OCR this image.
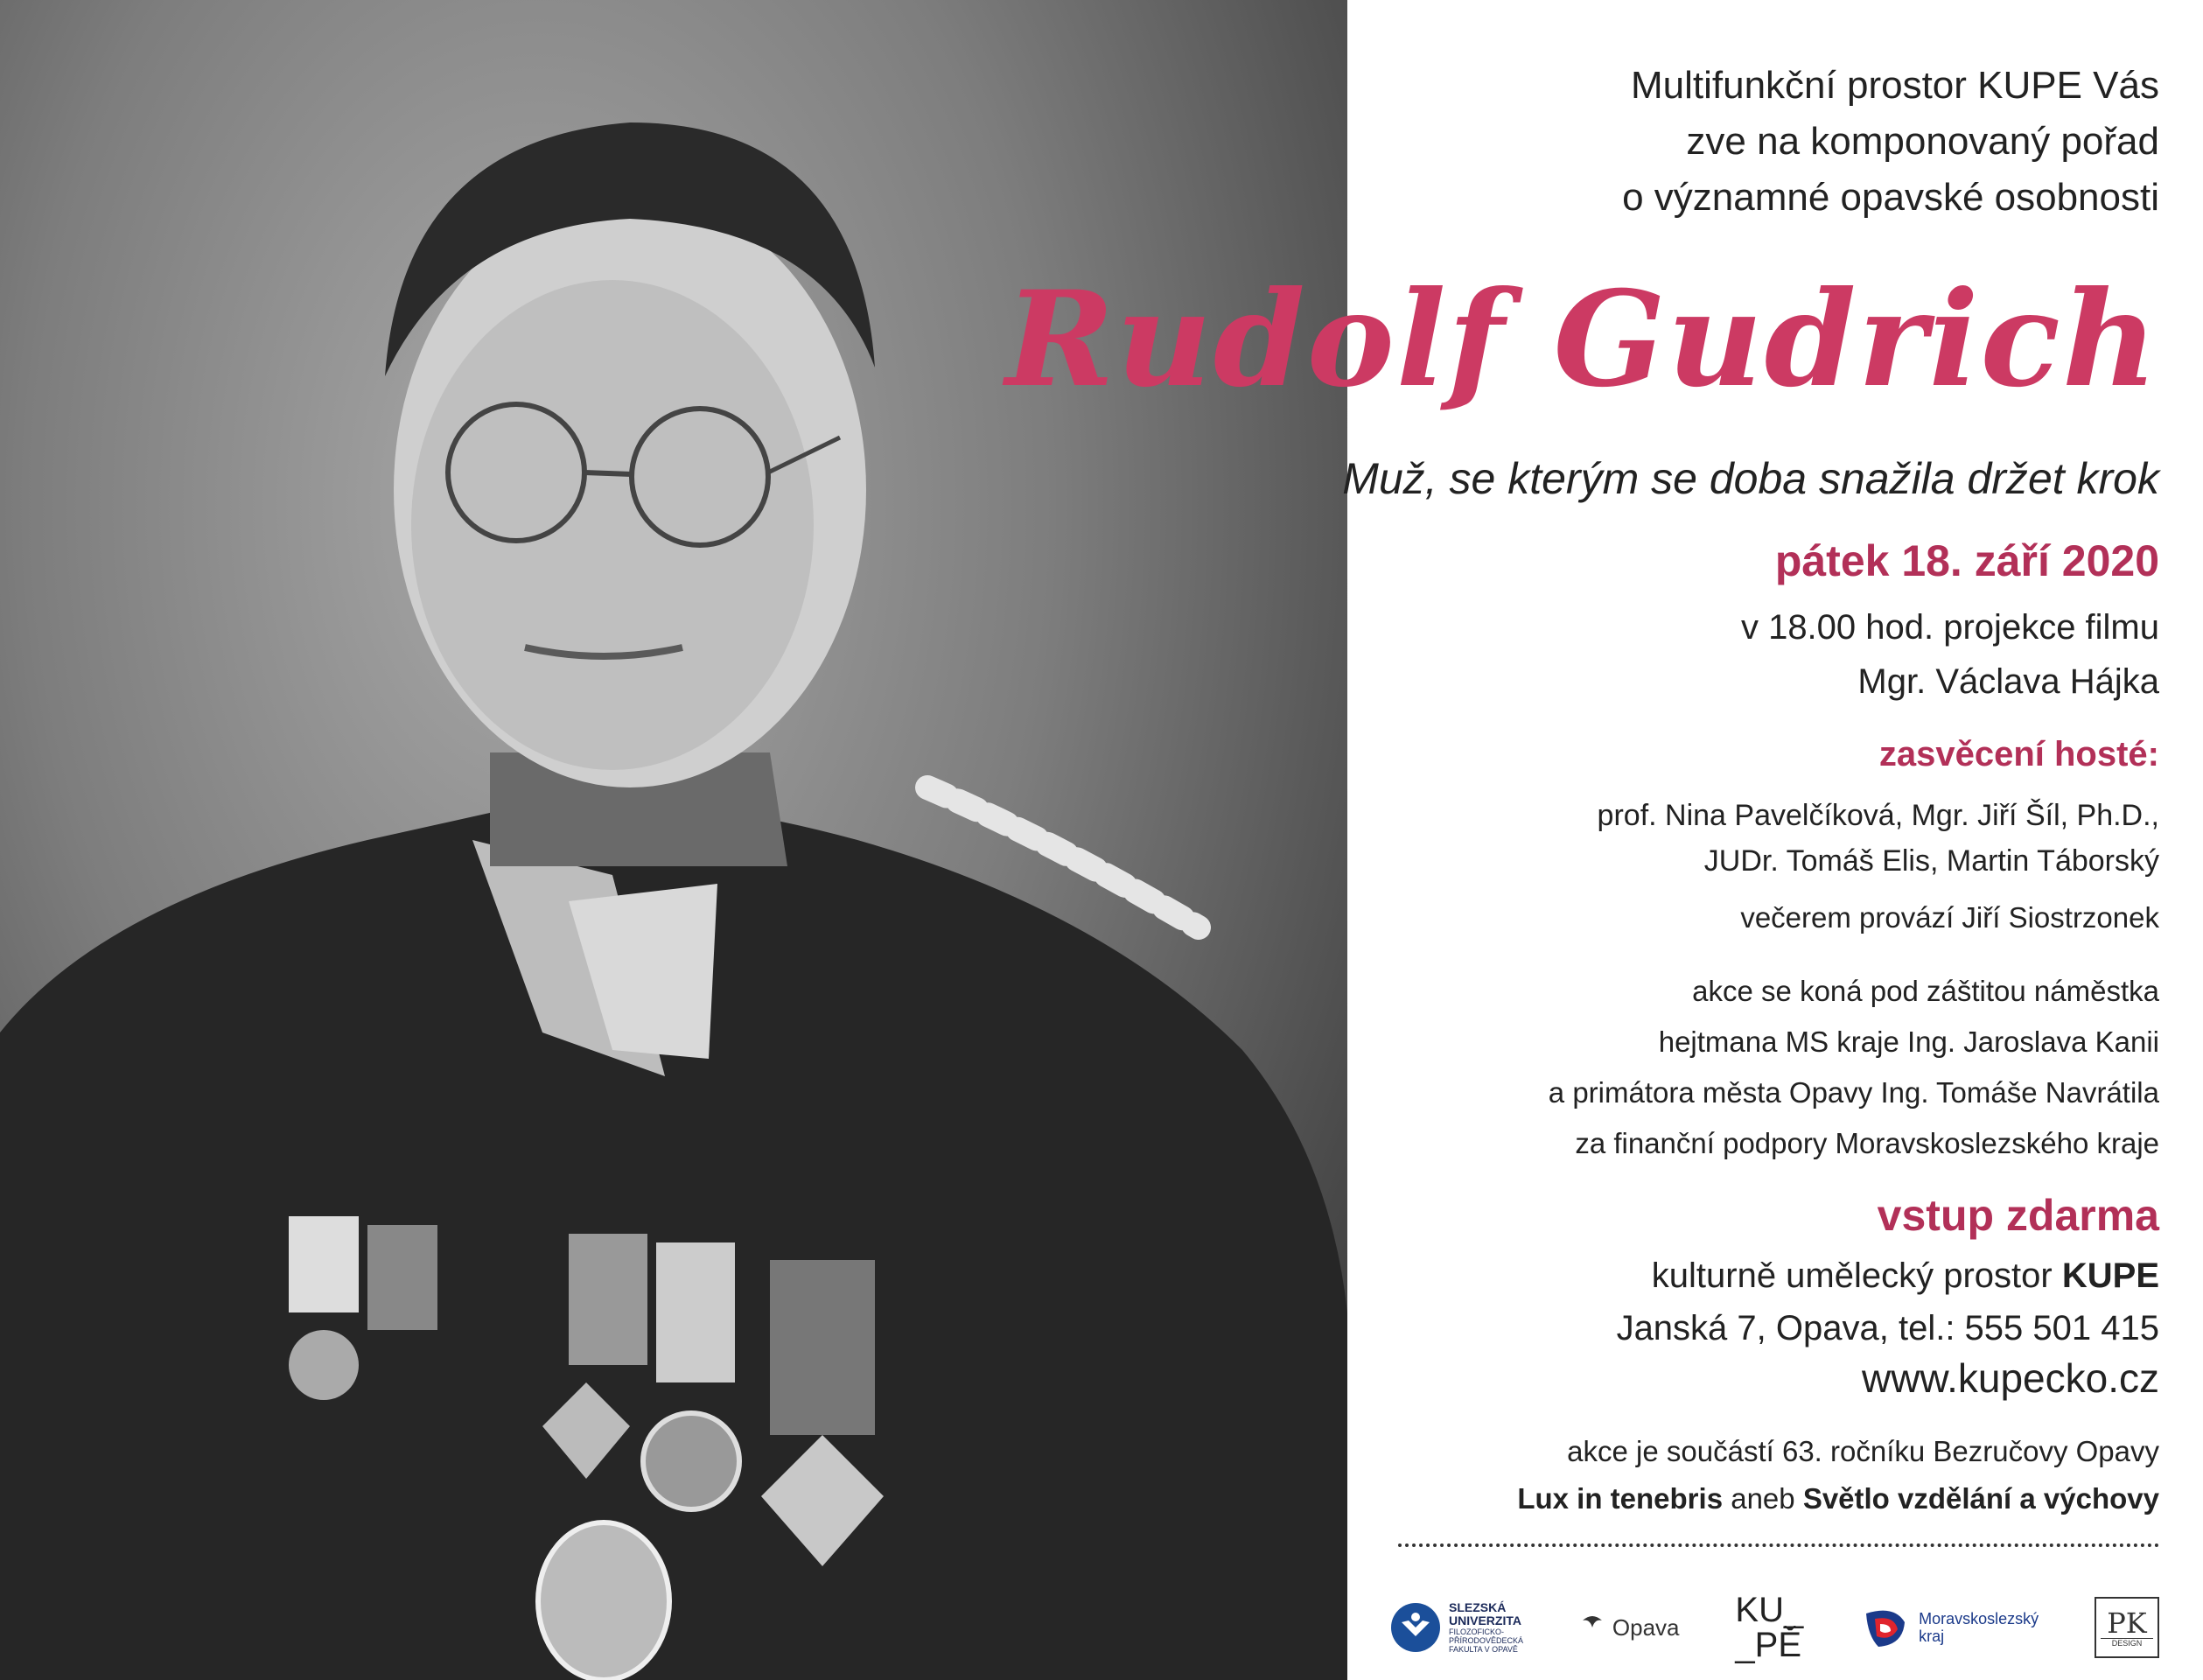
Multifunkční prostor KUPE Vás
zve na komponovaný pořad
o významné opavské osobnosti
Rudolf Gudrich
Muž, se kterým se doba snažila držet krok
pátek 18. září 2020
v 18.00 hod. projekce filmu
Mgr. Václava Hájka
zasvěcení hosté:
prof. Nina Pavelčíková, Mgr. Jiří Šíl, Ph.D.,
JUDr. Tomáš Elis, Martin Táborský
večerem provází Jiří Siostrzonek
akce se koná pod záštitou náměstka
hejtmana MS kraje Ing. Jaroslava Kanii
a primátora města Opavy Ing. Tomáše Navrátila
za finanční podpory Moravskoslezského kraje
vstup zdarma
kulturně umělecký prostor KUPE
Janská 7, Opava, tel.: 555 501 415
www.kupecko.cz
akce je součástí 63. ročníku Bezručovy Opavy
Lux in tenebris aneb Světlo vzdělání a výchovy
SLEZSKÁ
UNIVERZITA
FILOZOFICKO-
PŘÍRODOVĚDECKÁ
FAKULTA V OPAVĚ
Opava KU_
_PĚ
Moravskoslezský
kraj	PK
DESIGN
